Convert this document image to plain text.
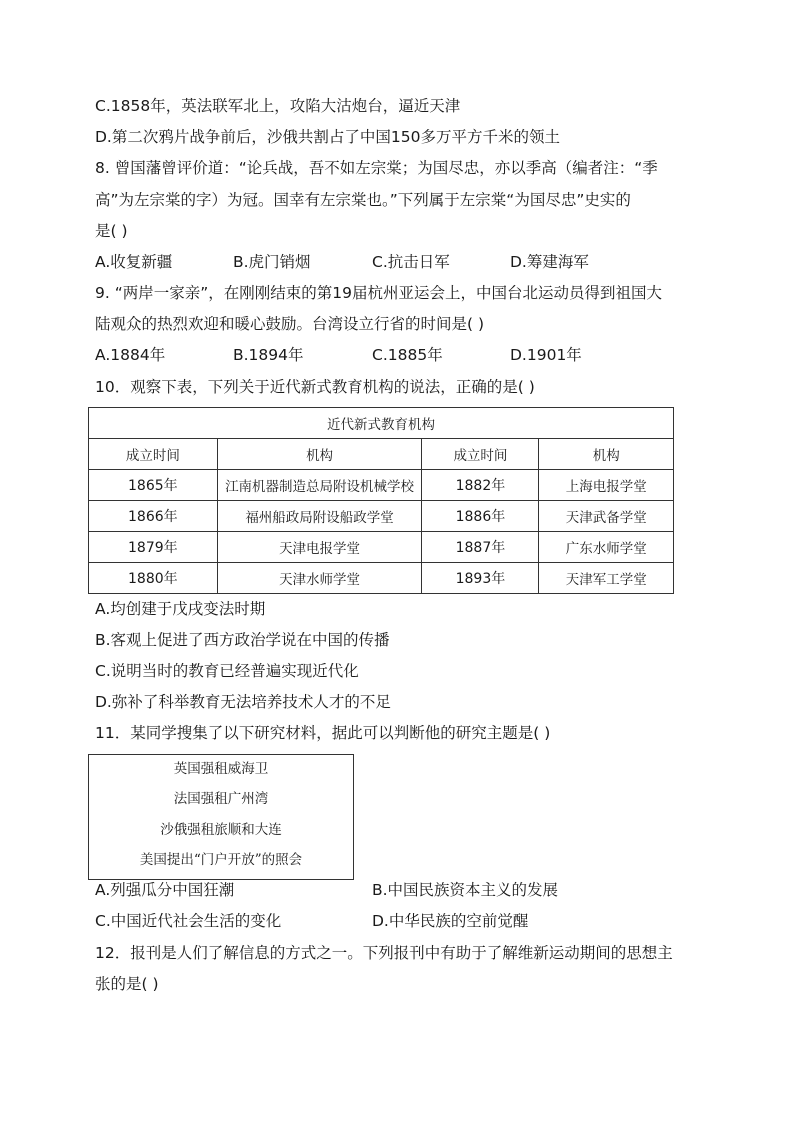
C.1858年，英法联军北上，攻陷大沽炮台，逼近天津
D.第二次鸦片战争前后，沙俄共割占了中国150多万平方千米的领土
8. 曾国藩曾评价道：“论兵战，吾不如左宗棠；为国尽忠，亦以季高（编者注：“季
高”为左宗棠的字）为冠。国幸有左宗棠也。”下列属于左宗棠“为国尽忠”史实的
是( )
A.收复新疆	B.虎门销烟	C.抗击日军	D.筹建海军
9. “两岸一家亲”，在刚刚结束的第19届杭州亚运会上，中国台北运动员得到祖国大
陆观众的热烈欢迎和暖心鼓励。台湾设立行省的时间是( )
A.1884年	B.1894年	C.1885年	D.1901年
10．观察下表，下列关于近代新式教育机构的说法，正确的是( )
近代新式教育机构			
成立时间	机构	成立时间	机构
1865年	江南机器制造总局附设机械学校	1882年	上海电报学堂
1866年	福州船政局附设船政学堂	1886年	天津武备学堂
1879年	天津电报学堂	1887年	广东水师学堂
1880年	天津水师学堂	1893年	天津军工学堂
A.均创建于戊戌变法时期
B.客观上促进了西方政治学说在中国的传播
C.说明当时的教育已经普遍实现近代化
D.弥补了科举教育无法培养技术人才的不足
11．某同学搜集了以下研究材料，据此可以判断他的研究主题是( )
英国强租威海卫
法国强租广州湾
沙俄强租旅顺和大连
美国提出“门户开放”的照会
A.列强瓜分中国狂潮	B.中国民族资本主义的发展
C.中国近代社会生活的变化	D.中华民族的空前觉醒
12．报刊是人们了解信息的方式之一。下列报刊中有助于了解维新运动期间的思想主
张的是( )
